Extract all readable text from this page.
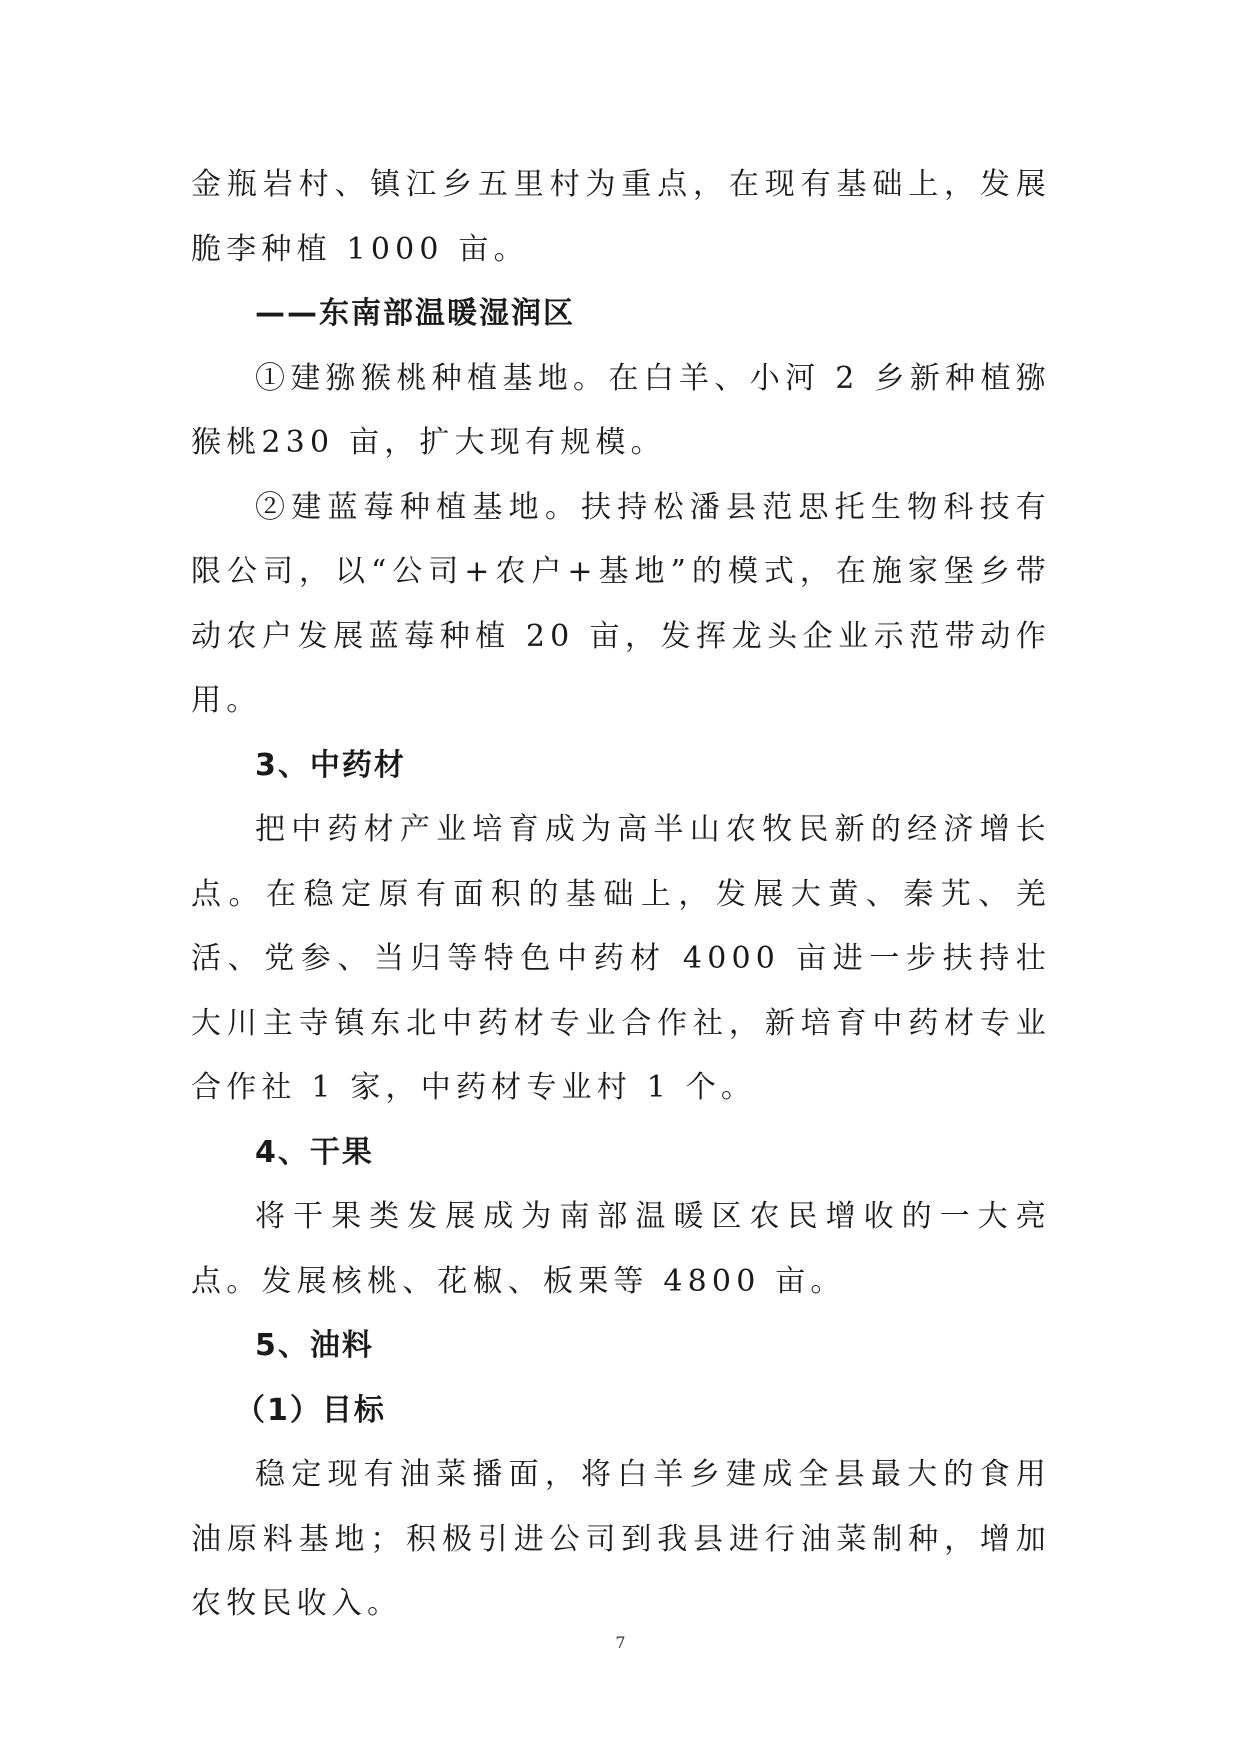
金瓶岩村、镇江乡五里村为重点，在现有基础上，发展脆李种植 1000 亩。

——东南部温暖湿润区

①建猕猴桃种植基地。在白羊、小河 2 乡新种植猕猴桃230 亩，扩大现有规模。

②建蓝莓种植基地。扶持松潘县范思托生物科技有限公司，以“公司+农户+基地”的模式，在施家堡乡带动农户发展蓝莓种植 20 亩，发挥龙头企业示范带动作用。

3、中药材

把中药材产业培育成为高半山农牧民新的经济增长点。在稳定原有面积的基础上，发展大黄、秦艽、羌活、党参、当归等特色中药材 4000 亩进一步扶持壮大川主寺镇东北中药材专业合作社，新培育中药材专业合作社 1 家，中药材专业村 1 个。

4、干果

将干果类发展成为南部温暖区农民增收的一大亮点。发展核桃、花椒、板栗等 4800 亩。

5、油料

（1）目标

稳定现有油菜播面，将白羊乡建成全县最大的食用油原料基地；积极引进公司到我县进行油菜制种，增加农牧民收入。

7
